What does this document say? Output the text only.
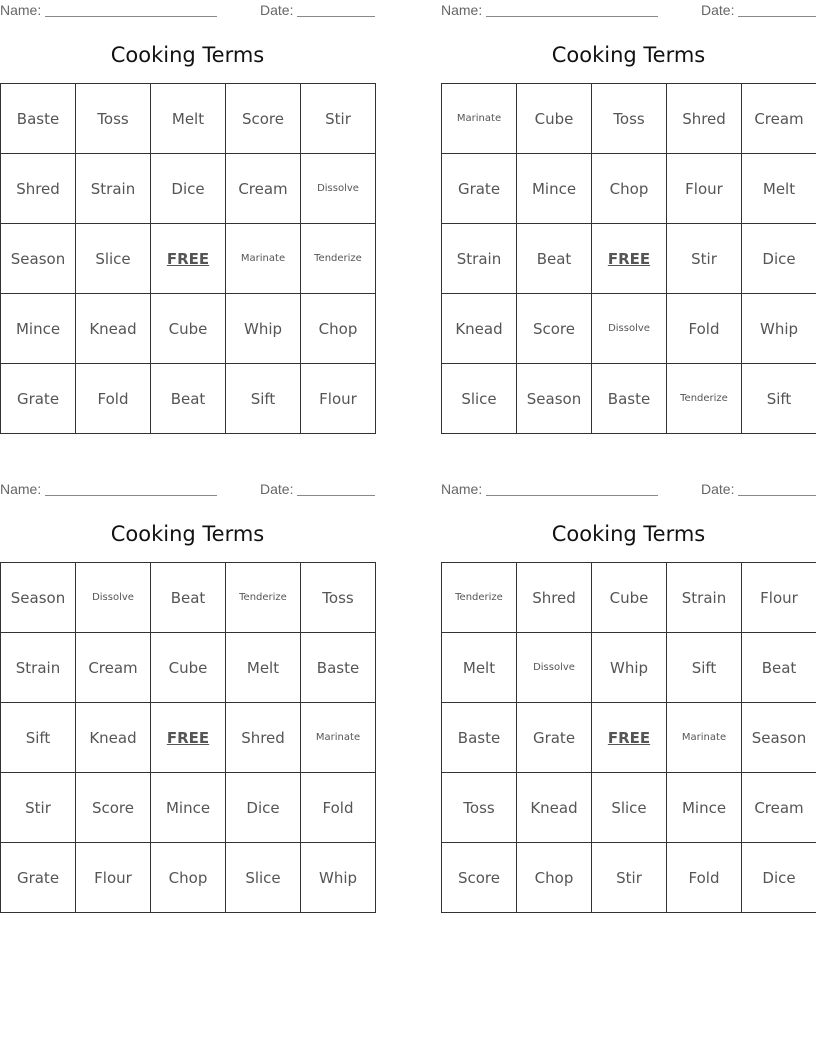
Name:	Date:
Cooking Terms
Baste	Toss	Melt	Score	Stir
Shred	Strain	Dice	Cream	Dissolve
Season	Slice	FREE	Marinate	Tenderize
Mince	Knead	Cube	Whip	Chop
Grate	Fold	Beat	Sift	Flour
Name:	Date:
Cooking Terms
Marinate	Cube	Toss	Shred	Cream
Grate	Mince	Chop	Flour	Melt
Strain	Beat	FREE	Stir	Dice
Knead	Score	Dissolve	Fold	Whip
Slice	Season	Baste	Tenderize	Sift
Name:	Date:
Cooking Terms
Season	Dissolve	Beat	Tenderize	Toss
Strain	Cream	Cube	Melt	Baste
Sift	Knead	FREE	Shred	Marinate
Stir	Score	Mince	Dice	Fold
Grate	Flour	Chop	Slice	Whip
Name:	Date:
Cooking Terms
Tenderize	Shred	Cube	Strain	Flour
Melt	Dissolve	Whip	Sift	Beat
Baste	Grate	FREE	Marinate	Season
Toss	Knead	Slice	Mince	Cream
Score	Chop	Stir	Fold	Dice
